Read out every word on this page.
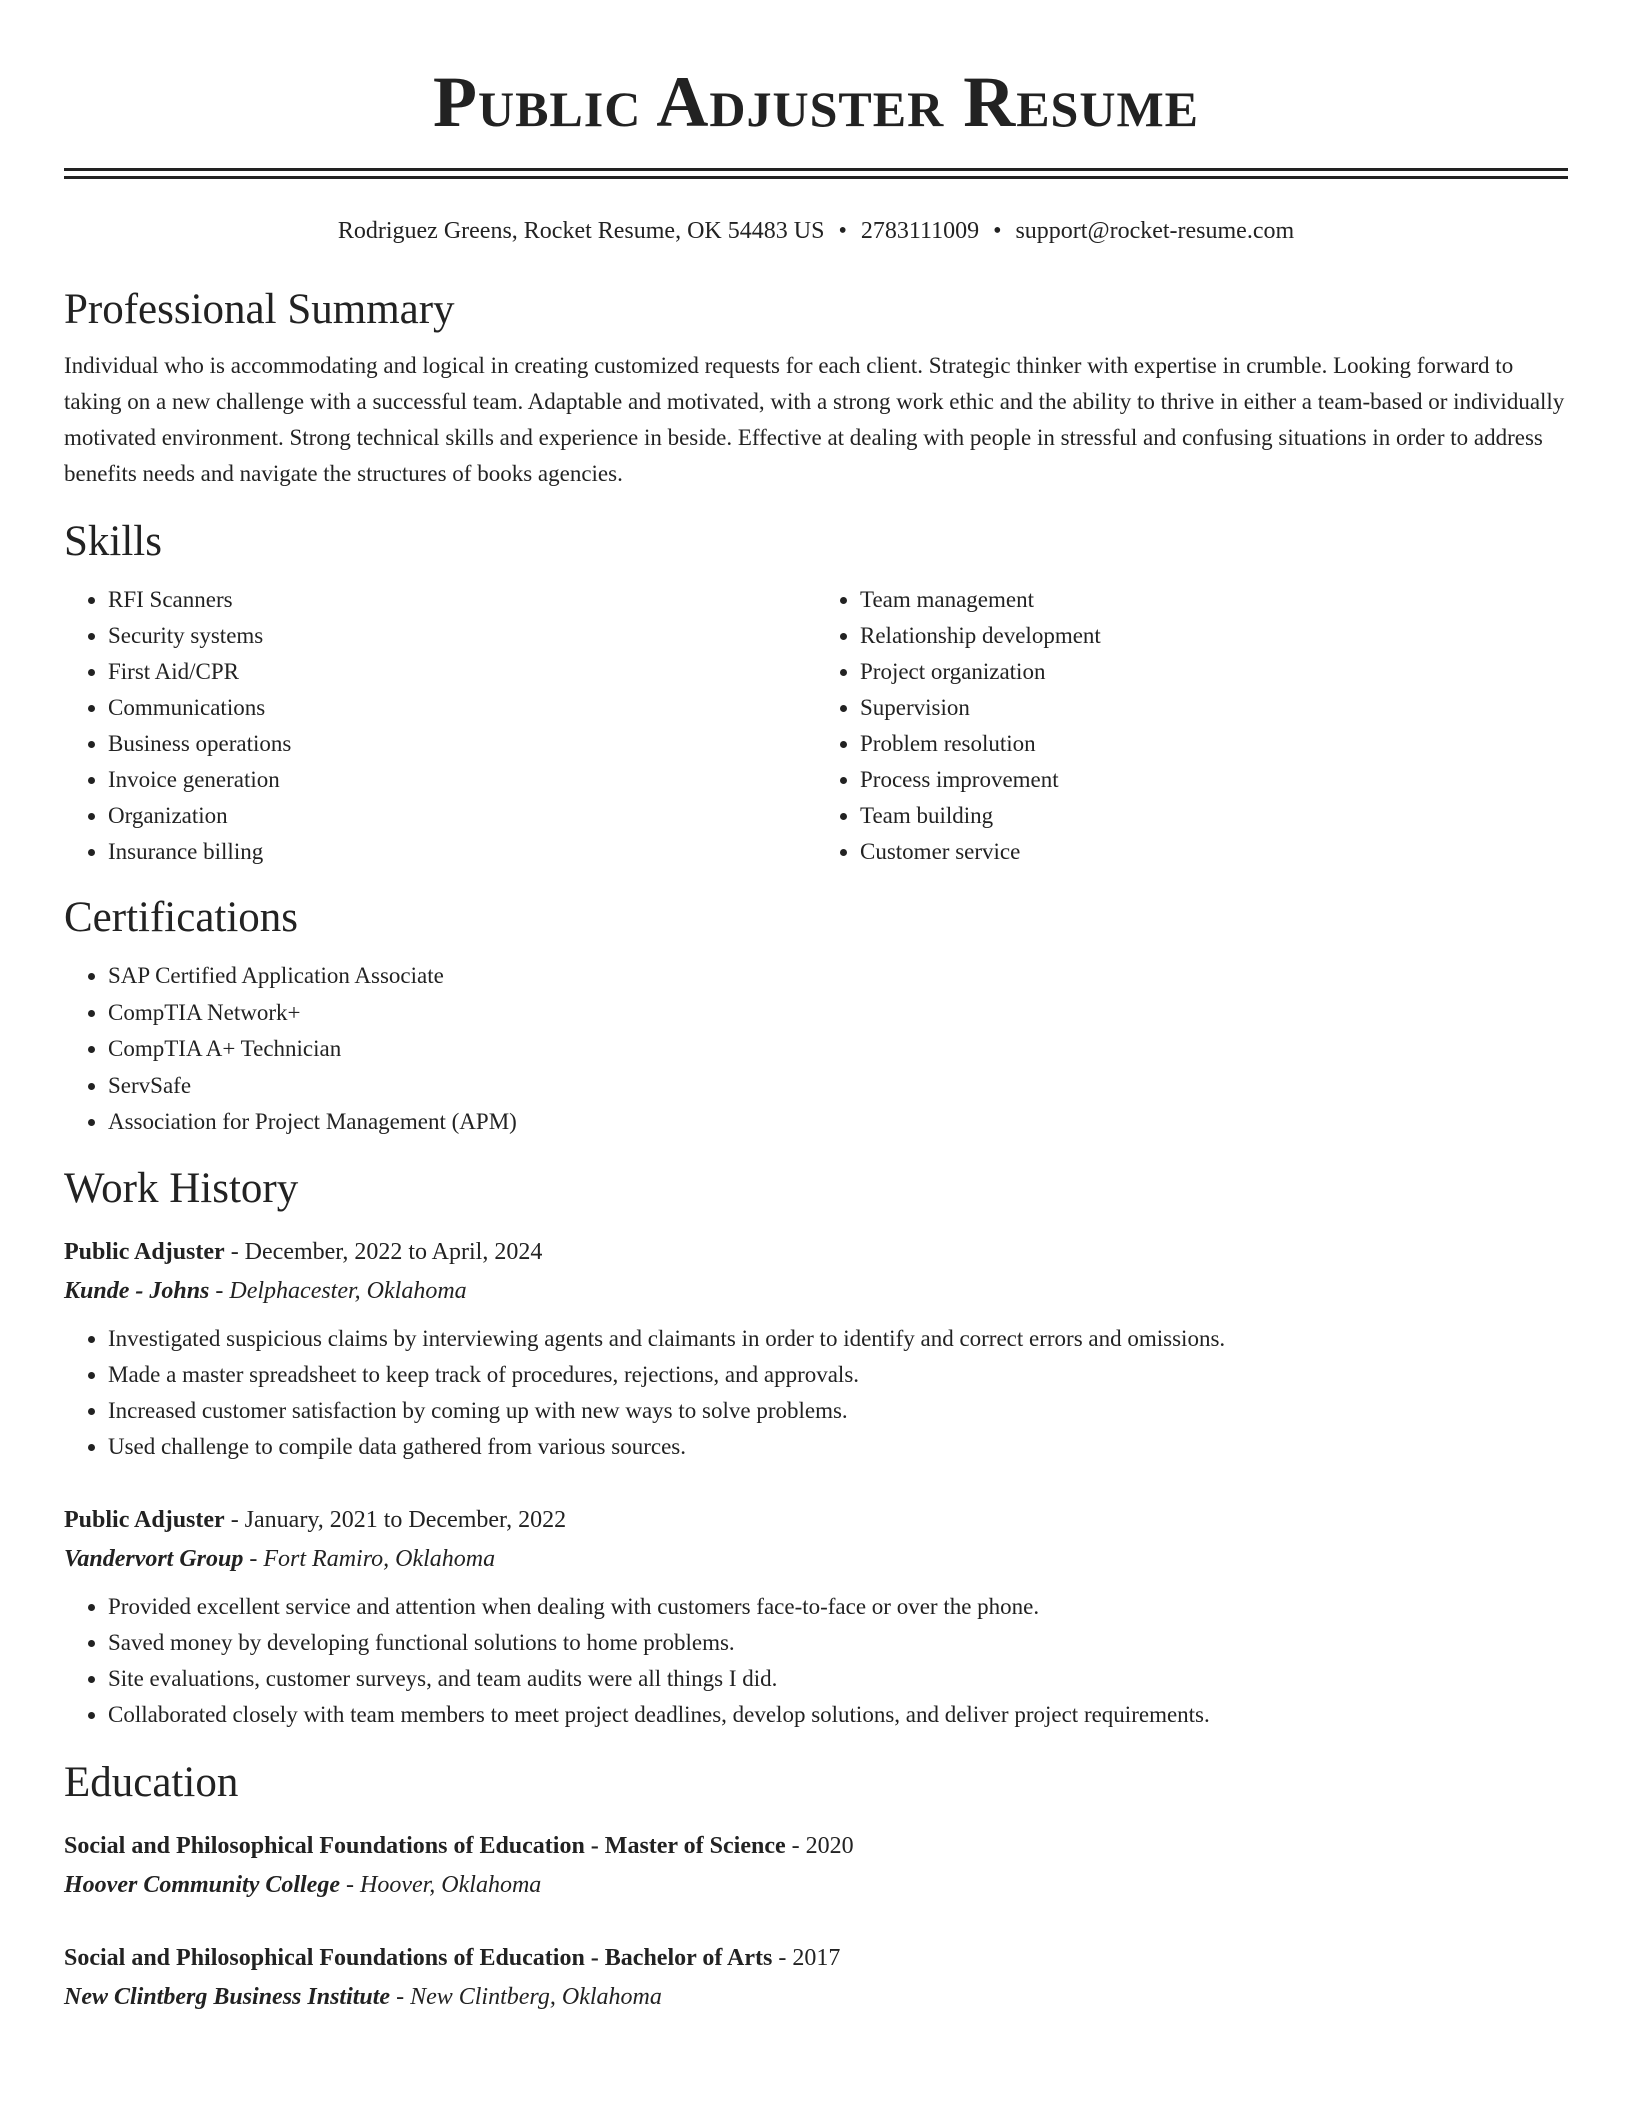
Public Adjuster Resume
Rodriguez Greens, Rocket Resume, OK 54483 US • 2783111009 • support@rocket-resume.com
Professional Summary

Individual who is accommodating and logical in creating customized requests for each client. Strategic thinker with expertise in crumble. Looking forward to taking on a new challenge with a successful team. Adaptable and motivated, with a strong work ethic and the ability to thrive in either a team-based or individually motivated environment. Strong technical skills and experience in beside. Effective at dealing with people in stressful and confusing situations in order to address benefits needs and navigate the structures of books agencies.

Skills
• RFI Scanners
• Security systems
• First Aid/CPR
• Communications
• Business operations
• Invoice generation
• Organization
• Insurance billing
• Team management
• Relationship development
• Project organization
• Supervision
• Problem resolution
• Process improvement
• Team building
• Customer service
Certifications
• SAP Certified Application Associate
• CompTIA Network+
• CompTIA A+ Technician
• ServSafe
• Association for Project Management (APM)
Work History
Public Adjuster - December, 2022 to April, 2024
Kunde - Johns - Delphacester, Oklahoma
• Investigated suspicious claims by interviewing agents and claimants in order to identify and correct errors and omissions.
• Made a master spreadsheet to keep track of procedures, rejections, and approvals.
• Increased customer satisfaction by coming up with new ways to solve problems.
• Used challenge to compile data gathered from various sources.
Public Adjuster - January, 2021 to December, 2022
Vandervort Group - Fort Ramiro, Oklahoma
• Provided excellent service and attention when dealing with customers face-to-face or over the phone.
• Saved money by developing functional solutions to home problems.
• Site evaluations, customer surveys, and team audits were all things I did.
• Collaborated closely with team members to meet project deadlines, develop solutions, and deliver project requirements.
Education
Social and Philosophical Foundations of Education - Master of Science - 2020
Hoover Community College - Hoover, Oklahoma
Social and Philosophical Foundations of Education - Bachelor of Arts - 2017
New Clintberg Business Institute - New Clintberg, Oklahoma
